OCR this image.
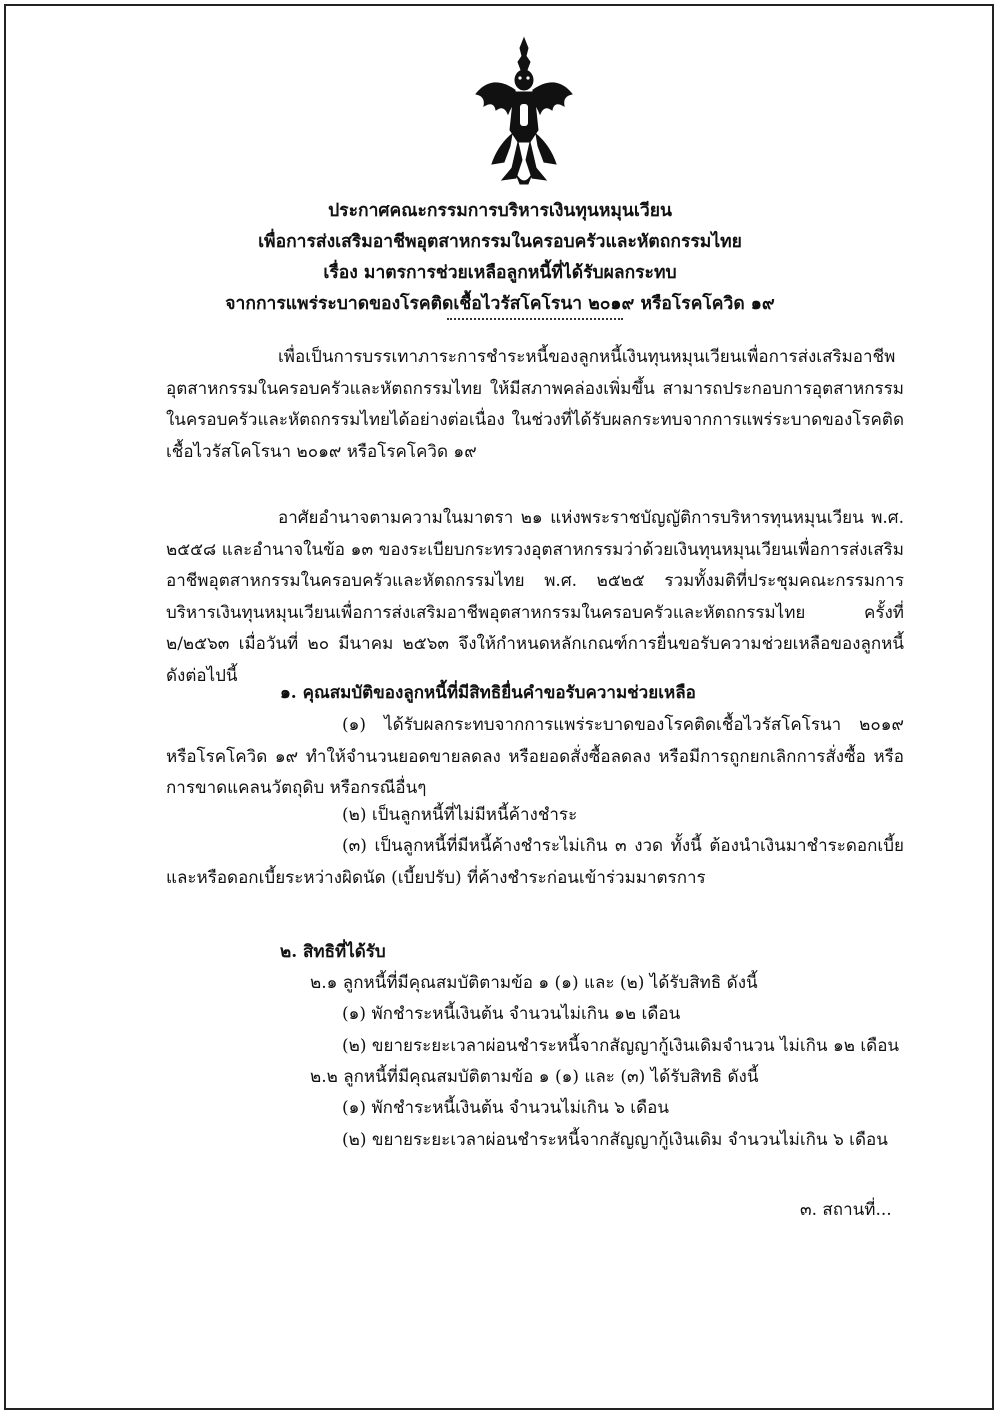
ประกาศคณะกรรมการบริหารเงินทุนหมุนเวียน
เพื่อการส่งเสริมอาชีพอุตสาหกรรมในครอบครัวและหัตถกรรมไทย
เรื่อง มาตรการช่วยเหลือลูกหนี้ที่ได้รับผลกระทบ
จากการแพร่ระบาดของโรคติดเชื้อไวรัสโคโรนา ๒๐๑๙ หรือโรคโควิด ๑๙
เพื่อเป็นการบรรเทาภาระการชำระหนี้ของลูกหนี้เงินทุนหมุนเวียนเพื่อการส่งเสริมอาชีพอุตสาหกรรมในครอบครัวและหัตถกรรมไทย ให้มีสภาพคล่องเพิ่มขึ้น สามารถประกอบการอุตสาหกรรมในครอบครัวและหัตถกรรมไทยได้อย่างต่อเนื่อง ในช่วงที่ได้รับผลกระทบจากการแพร่ระบาดของโรคติดเชื้อไวรัสโคโรนา ๒๐๑๙ หรือโรคโควิด ๑๙
อาศัยอำนาจตามความในมาตรา ๒๑ แห่งพระราชบัญญัติการบริหารทุนหมุนเวียน พ.ศ. ๒๕๕๘ และอำนาจในข้อ ๑๓ ของระเบียบกระทรวงอุตสาหกรรมว่าด้วยเงินทุนหมุนเวียนเพื่อการส่งเสริมอาชีพอุตสาหกรรมในครอบครัวและหัตถกรรมไทย พ.ศ. ๒๕๒๕ รวมทั้งมติที่ประชุมคณะกรรมการบริหารเงินทุนหมุนเวียนเพื่อการส่งเสริมอาชีพอุตสาหกรรมในครอบครัวและหัตถกรรมไทย ครั้งที่ ๒/๒๕๖๓ เมื่อวันที่ ๒๐ มีนาคม ๒๕๖๓ จึงให้กำหนดหลักเกณฑ์การยื่นขอรับความช่วยเหลือของลูกหนี้ ดังต่อไปนี้
๑. คุณสมบัติของลูกหนี้ที่มีสิทธิยื่นคำขอรับความช่วยเหลือ
(๑) ได้รับผลกระทบจากการแพร่ระบาดของโรคติดเชื้อไวรัสโคโรนา ๒๐๑๙ หรือโรคโควิด ๑๙ ทำให้จำนวนยอดขายลดลง หรือยอดสั่งซื้อลดลง หรือมีการถูกยกเลิกการสั่งซื้อ หรือการขาดแคลนวัตถุดิบ หรือกรณีอื่นๆ
(๒) เป็นลูกหนี้ที่ไม่มีหนี้ค้างชำระ
(๓) เป็นลูกหนี้ที่มีหนี้ค้างชำระไม่เกิน ๓ งวด ทั้งนี้ ต้องนำเงินมาชำระดอกเบี้ยและหรือดอกเบี้ยระหว่างผิดนัด (เบี้ยปรับ) ที่ค้างชำระก่อนเข้าร่วมมาตรการ
๒. สิทธิที่ได้รับ
๒.๑ ลูกหนี้ที่มีคุณสมบัติตามข้อ ๑ (๑) และ (๒) ได้รับสิทธิ ดังนี้
(๑) พักชำระหนี้เงินต้น จำนวนไม่เกิน ๑๒ เดือน
(๒) ขยายระยะเวลาผ่อนชำระหนี้จากสัญญากู้เงินเดิมจำนวน ไม่เกิน ๑๒ เดือน
๒.๒ ลูกหนี้ที่มีคุณสมบัติตามข้อ ๑ (๑) และ (๓) ได้รับสิทธิ ดังนี้
(๑) พักชำระหนี้เงินต้น จำนวนไม่เกิน ๖ เดือน
(๒) ขยายระยะเวลาผ่อนชำระหนี้จากสัญญากู้เงินเดิม จำนวนไม่เกิน ๖ เดือน
๓. สถานที่...
